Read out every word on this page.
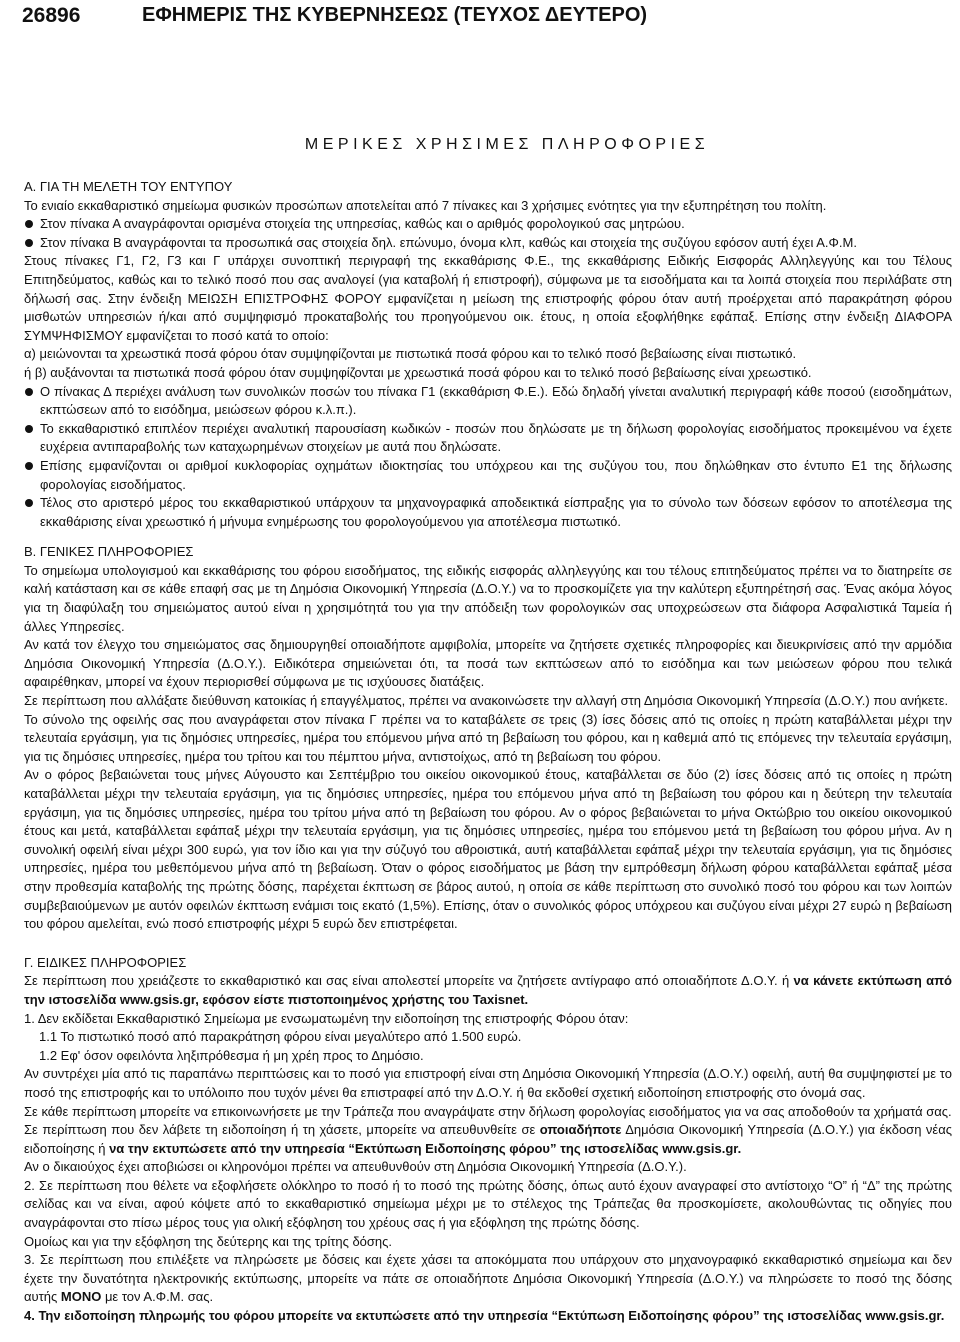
26896	ΕΦΗΜΕΡΙΣ ΤΗΣ ΚΥΒΕΡΝΗΣΕΩΣ (ΤΕΥΧΟΣ ΔΕΥΤΕΡΟ)
ΜΕΡΙΚΕΣ ΧΡΗΣΙΜΕΣ ΠΛΗΡΟΦΟΡΙΕΣ

Α. ΓΙΑ ΤΗ ΜΕΛΕΤΗ ΤΟΥ ΕΝΤΥΠΟΥ

Το ενιαίο εκκαθαριστικό σημείωμα φυσικών προσώπων αποτελείται από 7 πίνακες και 3 χρήσιμες ενότητες για την εξυπηρέτηση του πολίτη.

Στον πίνακα Α αναγράφονται ορισμένα στοιχεία της υπηρεσίας, καθώς και ο αριθμός φορολογικού σας μητρώου.

Στον πίνακα Β αναγράφονται τα προσωπικά σας στοιχεία δηλ. επώνυμο, όνομα κλπ, καθώς και στοιχεία της συζύγου εφόσον αυτή έχει Α.Φ.Μ.

Στους πίνακες Γ1, Γ2, Γ3 και Γ υπάρχει συνοπτική περιγραφή της εκκαθάρισης Φ.Ε., της εκκαθάρισης Ειδικής Εισφοράς Αλληλεγγύης και του Τέλους Επιτηδεύματος, καθώς και το τελικό ποσό που σας αναλογεί (για καταβολή ή επιστροφή), σύμφωνα με τα εισοδήματα και τα λοιπά στοιχεία που περιλάβατε στη δήλωσή σας. Στην ένδειξη ΜΕΙΩΣΗ ΕΠΙΣΤΡΟΦΗΣ ΦΟΡΟΥ εμφανίζεται η μείωση της επιστροφής φόρου όταν αυτή προέρχεται από παρακράτηση φόρου μισθωτών υπηρεσιών ή/και από συμψηφισμό προκαταβολής του προηγούμενου οικ. έτους, η οποία εξοφλήθηκε εφάπαξ. Επίσης στην ένδειξη ΔΙΑΦΟΡΑ ΣΥΜΨΗΦΙΣΜΟΥ εμφανίζεται το ποσό κατά το οποίο:

α) μειώνονται τα χρεωστικά ποσά φόρου όταν συμψηφίζονται με πιστωτικά ποσά φόρου και το τελικό ποσό βεβαίωσης είναι πιστωτικό.

ή β) αυξάνονται τα πιστωτικά ποσά φόρου όταν συμψηφίζονται με χρεωστικά ποσά φόρου και το τελικό ποσό βεβαίωσης είναι χρεωστικό.

Ο πίνακας Δ περιέχει ανάλυση των συνολικών ποσών του πίνακα Γ1 (εκκαθάριση Φ.Ε.). Εδώ δηλαδή γίνεται αναλυτική περιγραφή κάθε ποσού (εισοδημάτων, εκπτώσεων από το εισόδημα, μειώσεων φόρου κ.λ.π.).

Το εκκαθαριστικό επιπλέον περιέχει αναλυτική παρουσίαση κωδικών - ποσών που δηλώσατε με τη δήλωση φορολογίας εισοδήματος προκειμένου να έχετε ευχέρεια αντιπαραβολής των καταχωρημένων στοιχείων με αυτά που δηλώσατε.

Επίσης εμφανίζονται οι αριθμοί κυκλοφορίας οχημάτων ιδιοκτησίας του υπόχρεου και της συζύγου του, που δηλώθηκαν στο έντυπο Ε1 της δήλωσης φορολογίας εισοδήματος.

Τέλος στο αριστερό μέρος του εκκαθαριστικού υπάρχουν τα μηχανογραφικά αποδεικτικά είσπραξης για το σύνολο των δόσεων εφόσον το αποτέλεσμα της εκκαθάρισης είναι χρεωστικό ή μήνυμα ενημέρωσης του φορολογούμενου για αποτέλεσμα πιστωτικό.

Β. ΓΕΝΙΚΕΣ ΠΛΗΡΟΦΟΡΙΕΣ

Το σημείωμα υπολογισμού και εκκαθάρισης του φόρου εισοδήματος, της ειδικής εισφοράς αλληλεγγύης και του τέλους επιτηδεύματος πρέπει να το διατηρείτε σε καλή κατάσταση και σε κάθε επαφή σας με τη Δημόσια Οικονομική Υπηρεσία (Δ.Ο.Υ.) να το προσκομίζετε για την καλύτερη εξυπηρέτησή σας. Ένας ακόμα λόγος για τη διαφύλαξη του σημειώματος αυτού είναι η χρησιμότητά του για την απόδειξη των φορολογικών σας υποχρεώσεων στα διάφορα Ασφαλιστικά Ταμεία ή άλλες Υπηρεσίες.

Αν κατά τον έλεγχο του σημειώματος σας δημιουργηθεί οποιαδήποτε αμφιβολία, μπορείτε να ζητήσετε σχετικές πληροφορίες και διευκρινίσεις από την αρμόδια Δημόσια Οικονομική Υπηρεσία (Δ.Ο.Υ.). Ειδικότερα σημειώνεται ότι, τα ποσά των εκπτώσεων από το εισόδημα και των μειώσεων φόρου που τελικά αφαιρέθηκαν, μπορεί να έχουν περιορισθεί σύμφωνα με τις ισχύουσες διατάξεις.

Σε περίπτωση που αλλάξατε διεύθυνση κατοικίας ή επαγγέλματος, πρέπει να ανακοινώσετε την αλλαγή στη Δημόσια Οικονομική Υπηρεσία (Δ.Ο.Υ.) που ανήκετε.

Το σύνολο της οφειλής σας που αναγράφεται στον πίνακα Γ πρέπει να το καταβάλετε σε τρεις (3) ίσες δόσεις από τις οποίες η πρώτη καταβάλλεται μέχρι την τελευταία εργάσιμη, για τις δημόσιες υπηρεσίες, ημέρα του επόμενου μήνα από τη βεβαίωση του φόρου, και η καθεμιά από τις επόμενες την τελευταία εργάσιμη, για τις δημόσιες υπηρεσίες, ημέρα του τρίτου και του πέμπτου μήνα, αντιστοίχως, από τη βεβαίωση του φόρου.

Αν ο φόρος βεβαιώνεται τους μήνες Αύγουστο και Σεπτέμβριο του οικείου οικονομικού έτους, καταβάλλεται σε δύο (2) ίσες δόσεις από τις οποίες η πρώτη καταβάλλεται μέχρι την τελευταία εργάσιμη, για τις δημόσιες υπηρεσίες, ημέρα του επόμενου μήνα από τη βεβαίωση του φόρου και η δεύτερη την τελευταία εργάσιμη, για τις δημόσιες υπηρεσίες, ημέρα του τρίτου μήνα από τη βεβαίωση του φόρου. Αν ο φόρος βεβαιώνεται το μήνα Οκτώβριο του οικείου οικονομικού έτους και μετά, καταβάλλεται εφάπαξ μέχρι την τελευταία εργάσιμη, για τις δημόσιες υπηρεσίες, ημέρα του επόμενου μετά τη βεβαίωση του φόρου μήνα. Αν η συνολική οφειλή είναι μέχρι 300 ευρώ, για τον ίδιο και για την σύζυγό του αθροιστικά, αυτή καταβάλλεται εφάπαξ μέχρι την τελευταία εργάσιμη, για τις δημόσιες υπηρεσίες, ημέρα του μεθεπόμενου μήνα από τη βεβαίωση. Όταν ο φόρος εισοδήματος με βάση την εμπρόθεσμη δήλωση φόρου καταβάλλεται εφάπαξ μέσα στην προθεσμία καταβολής της πρώτης δόσης, παρέχεται έκπτωση σε βάρος αυτού, η οποία σε κάθε περίπτωση στο συνολικό ποσό του φόρου και των λοιπών συμβεβαιούμενων με αυτόν οφειλών έκπτωση ενάμισι τοις εκατό (1,5%). Επίσης, όταν ο συνολικός φόρος υπόχρεου και συζύγου είναι μέχρι 27 ευρώ η βεβαίωση του φόρου αμελείται, ενώ ποσό επιστροφής μέχρι 5 ευρώ δεν επιστρέφεται.

Γ. ΕΙΔΙΚΕΣ ΠΛΗΡΟΦΟΡΙΕΣ

Σε περίπτωση που χρειάζεστε το εκκαθαριστικό και σας είναι απολεστεί μπορείτε να ζητήσετε αντίγραφο από οποιαδήποτε Δ.Ο.Υ. ή να κάνετε εκτύπωση από την ιστοσελίδα www.gsis.gr, εφόσον είστε πιστοποιημένος χρήστης του Taxisnet.

1. Δεν εκδίδεται Εκκαθαριστικό Σημείωμα με ενσωματωμένη την ειδοποίηση της επιστροφής Φόρου όταν:

1.1 Το πιστωτικό ποσό από παρακράτηση φόρου είναι μεγαλύτερο από 1.500 ευρώ.

1.2 Εφ' όσον οφειλόντα ληξιπρόθεσμα ή μη χρέη προς το Δημόσιο.

Αν συντρέχει μία από τις παραπάνω περιπτώσεις και το ποσό για επιστροφή είναι στη Δημόσια Οικονομική Υπηρεσία (Δ.Ο.Υ.) οφειλή, αυτή θα συμψηφιστεί με το ποσό της επιστροφής και το υπόλοιπο που τυχόν μένει θα επιστραφεί από την Δ.Ο.Υ. ή θα εκδοθεί σχετική ειδοποίηση επιστροφής στο όνομά σας.

Σε κάθε περίπτωση μπορείτε να επικοινωνήσετε με την Τράπεζα που αναγράψατε στην δήλωση φορολογίας εισοδήματος για να σας αποδοθούν τα χρήματά σας.

Σε περίπτωση που δεν λάβετε τη ειδοποίηση ή τη χάσετε, μπορείτε να απευθυνθείτε σε οποιαδήποτε Δημόσια Οικονομική Υπηρεσία (Δ.Ο.Υ.) για έκδοση νέας ειδοποίησης ή να την εκτυπώσετε από την υπηρεσία “Εκτύπωση Ειδοποίησης φόρου” της ιστοσελίδας www.gsis.gr.

Αν ο δικαιούχος έχει αποβιώσει οι κληρονόμοι πρέπει να απευθυνθούν στη Δημόσια Οικονομική Υπηρεσία (Δ.Ο.Υ.).

2. Σε περίπτωση που θέλετε να εξοφλήσετε ολόκληρο το ποσό ή το ποσό της πρώτης δόσης, όπως αυτό έχουν αναγραφεί στο αντίστοιχο “Ο” ή “Δ” της πρώτης σελίδας και να είναι, αφού κόψετε από το εκκαθαριστικό σημείωμα μέχρι με το στέλεχος της Τράπεζας θα προσκομίσετε, ακολουθώντας τις οδηγίες που αναγράφονται στο πίσω μέρος τους για ολική εξόφληση του χρέους σας ή για εξόφληση της πρώτης δόσης.

Ομοίως και για την εξόφληση της δεύτερης και της τρίτης δόσης.

3. Σε περίπτωση που επιλέξετε να πληρώσετε με δόσεις και έχετε χάσει τα αποκόμματα που υπάρχουν στο μηχανογραφικό εκκαθαριστικό σημείωμα και δεν έχετε την δυνατότητα ηλεκτρονικής εκτύπωσης, μπορείτε να πάτε σε οποιαδήποτε Δημόσια Οικονομική Υπηρεσία (Δ.Ο.Υ.) να πληρώσετε το ποσό της δόσης αυτής ΜΟΝΟ με τον Α.Φ.Μ. σας.

4. Την ειδοποίηση πληρωμής του φόρου μπορείτε να εκτυπώσετε από την υπηρεσία “Εκτύπωση Ειδοποίησης φόρου” της ιστοσελίδας www.gsis.gr.
